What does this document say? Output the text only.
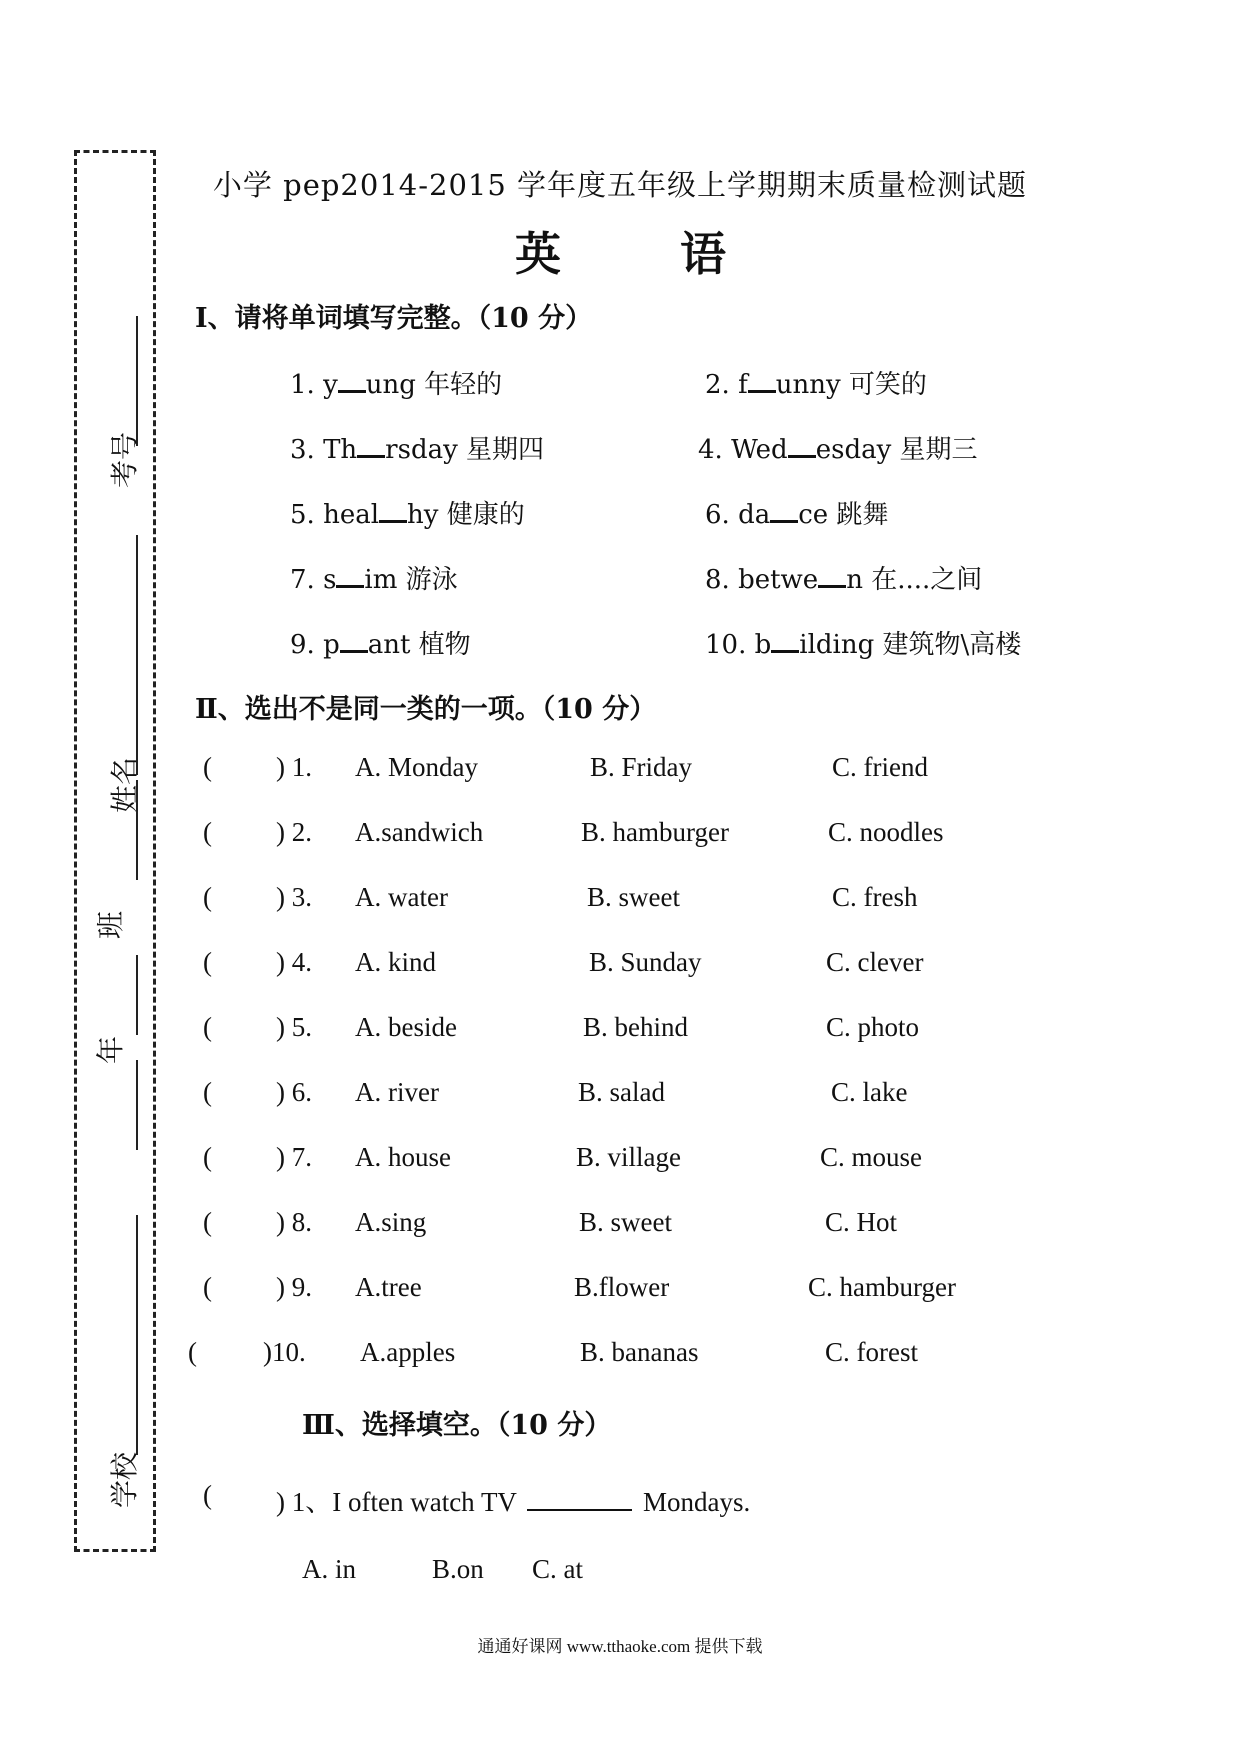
考号
姓名
班
年
学校
小学 pep2014-2015 学年度五年级上学期期末质量检测试题
英	语
Ⅰ、请将单词填写完整。（10 分）
1. y ung 年轻的	2. f unny 可笑的
3. Th rsday 星期四	4. Wed esday 星期三
5. heal hy 健康的	6. da ce 跳舞
7. s im 游泳	8. betwe n 在....之间
9. p ant 植物	10. b ilding 建筑物\高楼
Ⅱ、选出不是同一类的一项。（10 分）
( ) 1. A. Monday	B. Friday	C. friend
( ) 2. A.sandwich	B. hamburger	C. noodles
( ) 3. A. water	B. sweet	C. fresh
( ) 4. A. kind	B. Sunday	C. clever
( ) 5. A. beside	B. behind	C. photo
( ) 6. A. river	B. salad	C. lake
( ) 7. A. house	B. village	C. mouse
( ) 8. A.sing	B. sweet	C. Hot
( ) 9. A.tree	B.flower	C. hamburger
( )10. A.apples	B. bananas	C. forest
Ⅲ、选择填空。（10 分）
( ) 1、I often watch TV	Mondays.
A. in	B.on C. at
通通好课网 www.tthaoke.com 提供下载
